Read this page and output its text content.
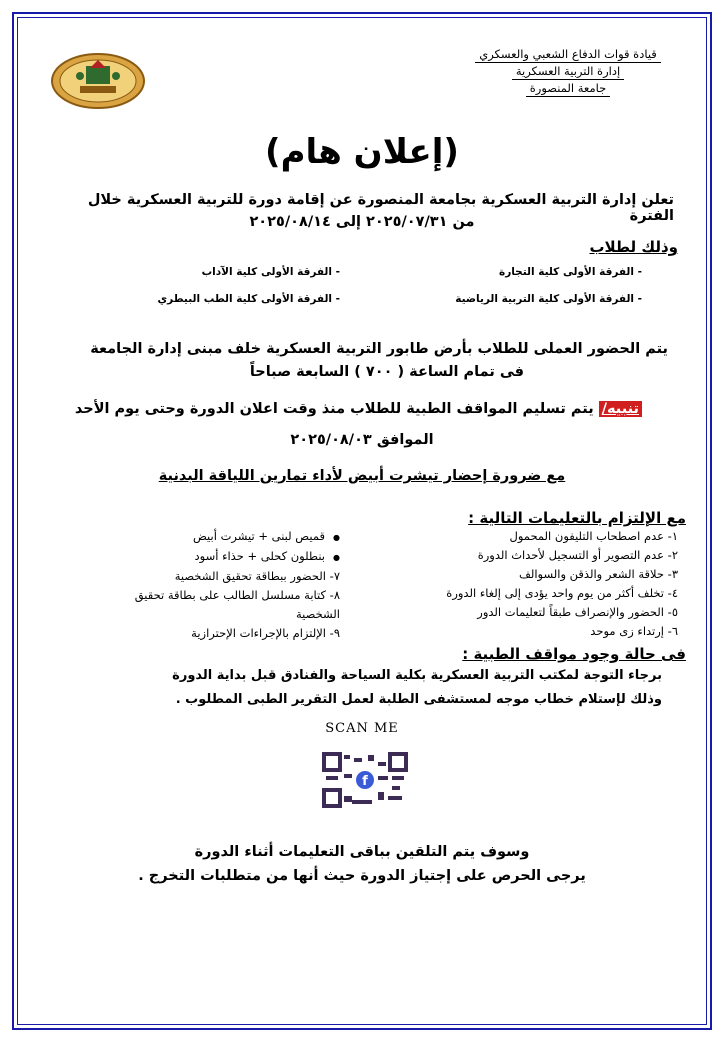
قيادة قوات الدفاع الشعبي والعسكري
إدارة التربية العسكرية
جامعة المنصورة
(إعلان هام)
تعلن إدارة التربية العسكرية بجامعة المنصورة عن إقامة دورة للتربية العسكرية خلال الفترة
من ٢٠٢٥/٠٧/٣١ إلى ٢٠٢٥/٠٨/١٤
وذلك لطلاب
- الفرقة الأولى كلية التجارة
- الفرقة الأولى كلية الآداب
- الفرقة الأولى كلية التربية الرياضية
- الفرقة الأولى كلية الطب البيطري
يتم الحضور العملى للطلاب بأرض طابور التربية العسكرية خلف مبنى إدارة الجامعة
فى تمام الساعة ( ٧٠٠ ) السابعة صباحاً
تنبيه/ يتم تسليم المواقف الطبية للطلاب منذ وقت اعلان الدورة وحتى يوم الأحد
الموافق ٢٠٢٥/٠٨/٠٣
مع ضرورة إحضار تيشرت أبيض لأداء تمارين اللياقة البدنية
مع الإلتزام بالتعليمات التالية :
١- عدم اصطحاب التليفون المحمول
٢- عدم التصوير أو التسجيل لأحداث الدورة
٣- حلاقة الشعر والذقن والسوالف
٤- تخلف أكثر من يوم واحد يؤدى إلى إلغاء الدورة
٥- الحضور والإنصراف طبقاً لتعليمات الدور
٦- إرتداء زى موحد
● قميص لبنى + تيشرت أبيض
● بنطلون كحلى + حذاء أسود
٧- الحضور ببطاقة تحقيق الشخصية
٨- كتابة مسلسل الطالب على بطاقة تحقيق الشخصية
٩- الإلتزام بالإجراءات الإحترازية
فى حالة وجود مواقف الطبية :
برجاء التوجة لمكتب التربية العسكرية بكلية السياحة والفنادق قبل بداية الدورة
وذلك لإستلام خطاب موجه لمستشفى الطلبة لعمل التقرير الطبى المطلوب .
SCAN ME
f
وسوف يتم التلقين بباقى التعليمات أثناء الدورة
يرجى الحرص على إجتياز الدورة حيث أنها من متطلبات التخرج .
